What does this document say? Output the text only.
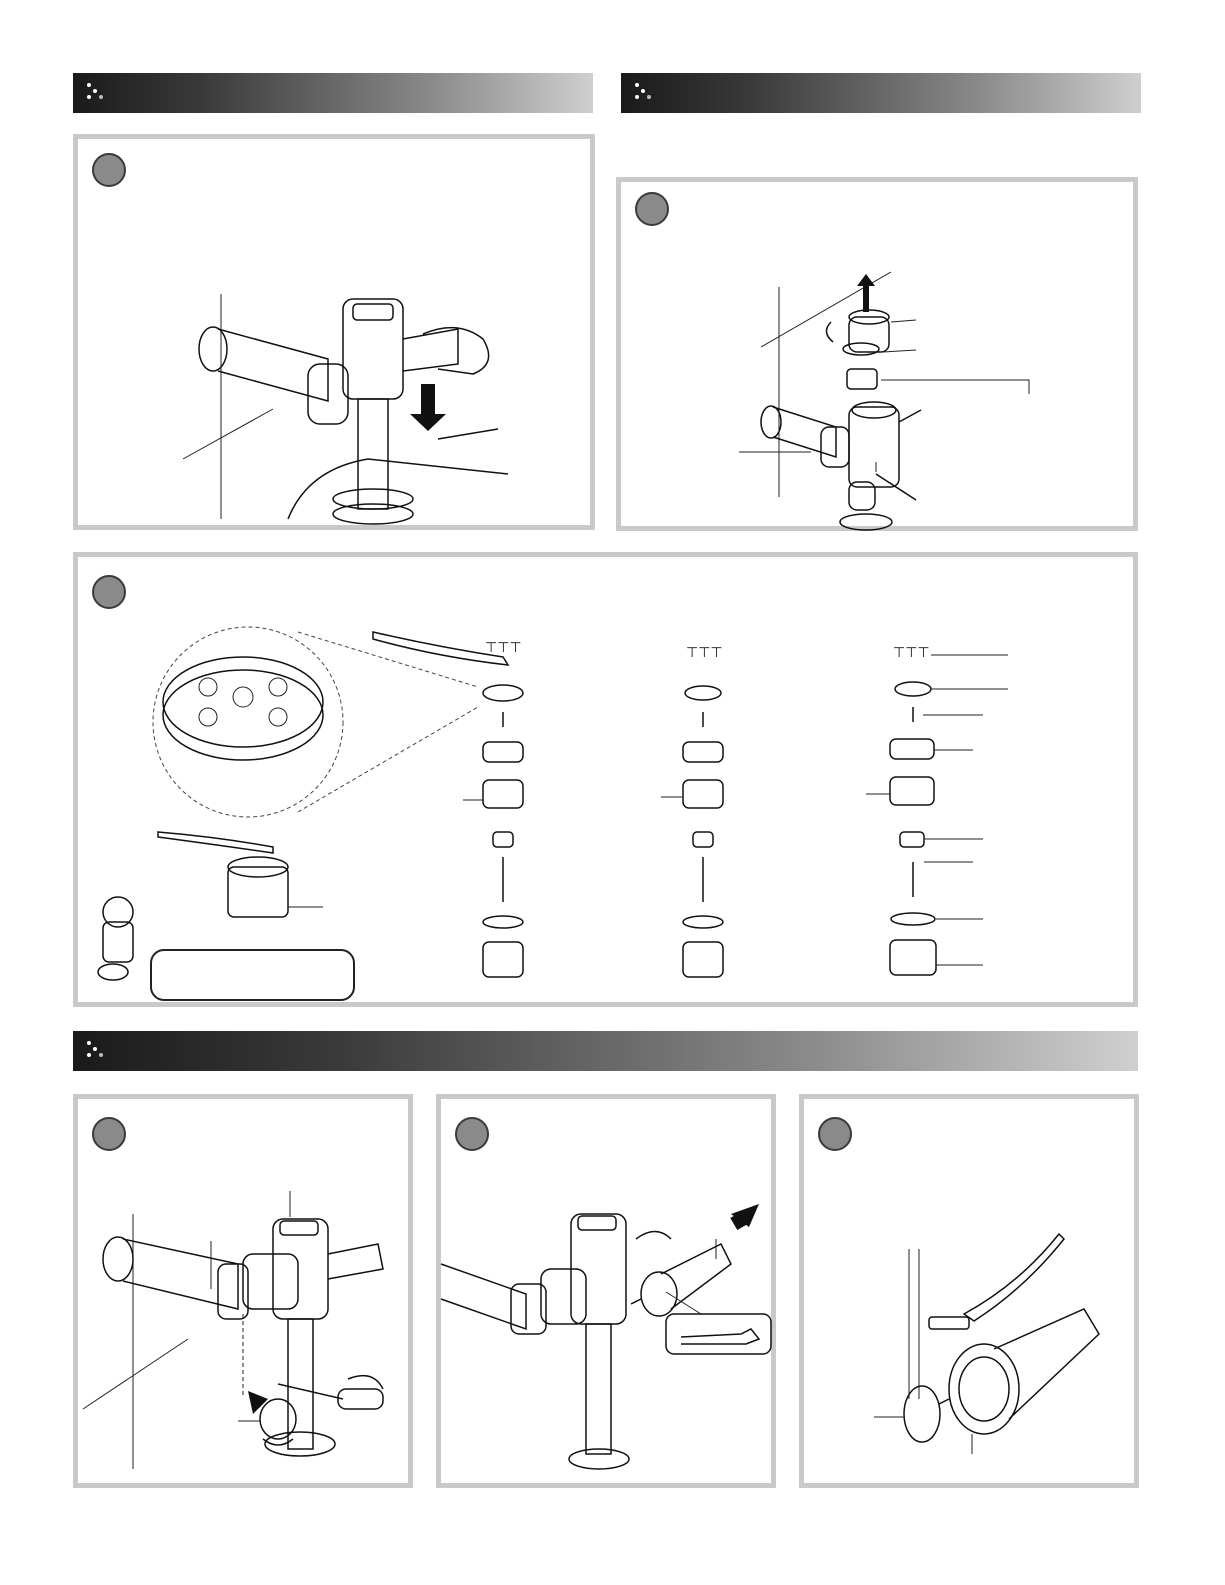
⊤⊤⊤	⊤⊤⊤	⊤⊤⊤
